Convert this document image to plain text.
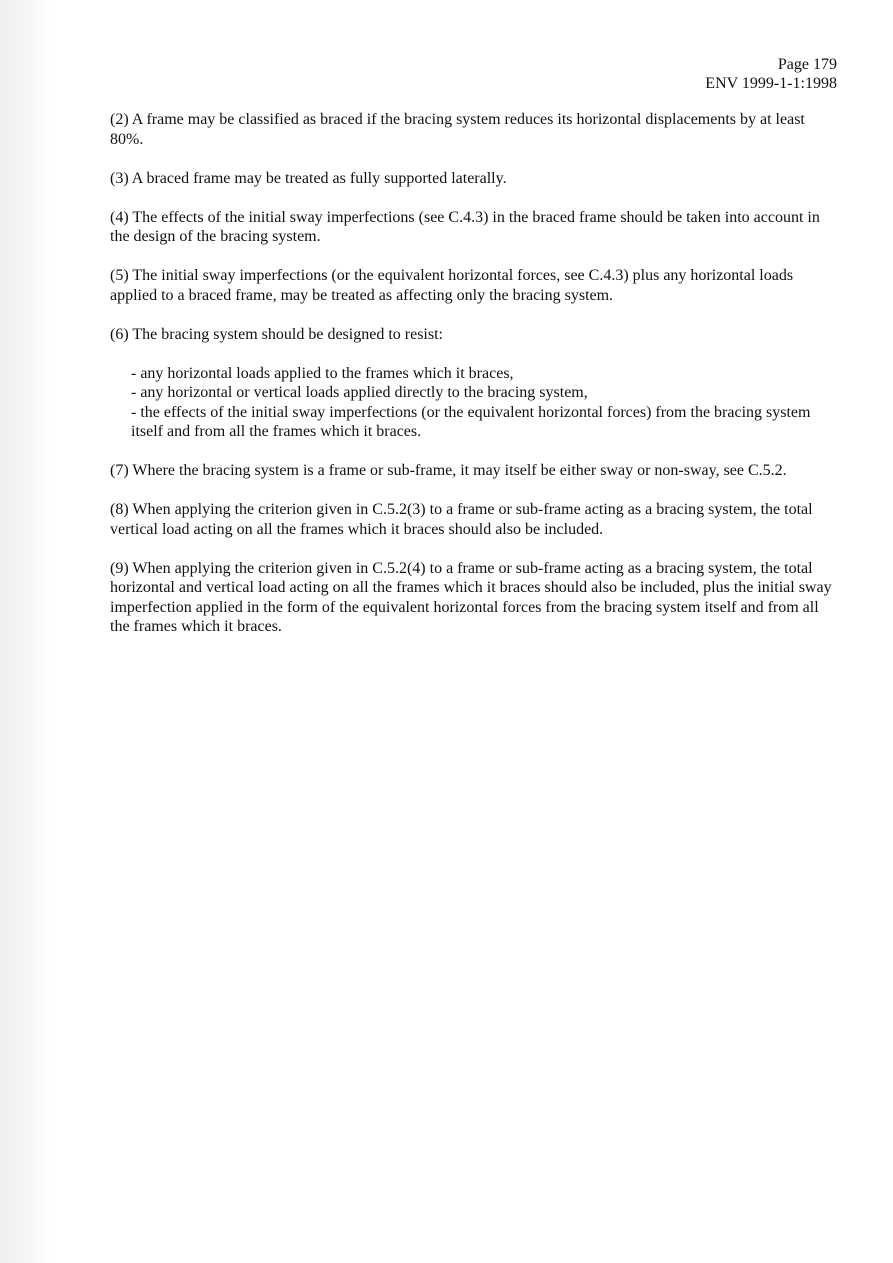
Page 179
ENV 1999-1-1:1998

(2) A frame may be classified as braced if the bracing system reduces its horizontal displacements by at least 80%.

(3) A braced frame may be treated as fully supported laterally.

(4) The effects of the initial sway imperfections (see C.4.3) in the braced frame should be taken into account in the design of the bracing system.

(5) The initial sway imperfections (or the equivalent horizontal forces, see C.4.3) plus any horizontal loads applied to a braced frame, may be treated as affecting only the bracing system.

(6) The bracing system should be designed to resist:

- any horizontal loads applied to the frames which it braces,

- any horizontal or vertical loads applied directly to the bracing system,

- the effects of the initial sway imperfections (or the equivalent horizontal forces) from the bracing system itself and from all the frames which it braces.

(7) Where the bracing system is a frame or sub-frame, it may itself be either sway or non-sway, see C.5.2.

(8) When applying the criterion given in C.5.2(3) to a frame or sub-frame acting as a bracing system, the total vertical load acting on all the frames which it braces should also be included.

(9) When applying the criterion given in C.5.2(4) to a frame or sub-frame acting as a bracing system, the total horizontal and vertical load acting on all the frames which it braces should also be included, plus the initial sway imperfection applied in the form of the equivalent horizontal forces from the bracing system itself and from all the frames which it braces.
